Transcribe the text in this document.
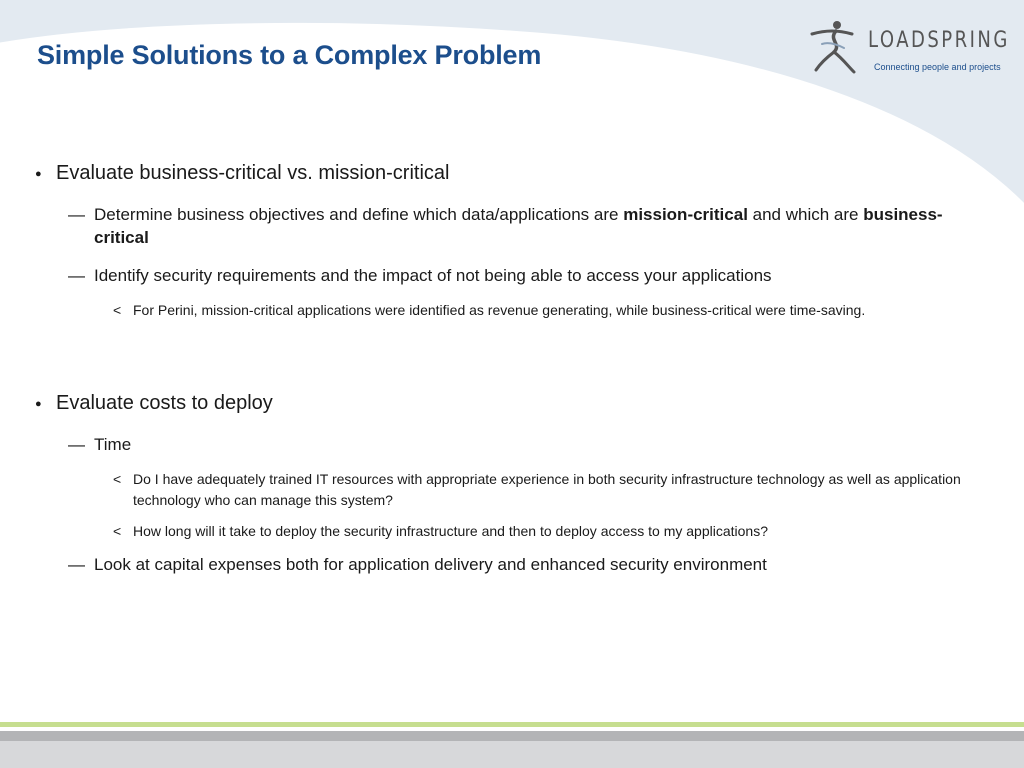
Simple Solutions to a Complex Problem	LOADSPRING
Connecting people and projects
● Evaluate business-critical vs. mission-critical
— Determine business objectives and define which data/applications are mission-critical and which are business-critical
— Identify security requirements and the impact of not being able to access your applications
< For Perini, mission-critical applications were identified as revenue generating, while business-critical were time-saving.
● Evaluate costs to deploy
— Time
< Do I have adequately trained IT resources with appropriate experience in both security infrastructure technology as well as application technology who can manage this system?
< How long will it take to deploy the security infrastructure and then to deploy access to my applications?
— Look at capital expenses both for application delivery and enhanced security environment
